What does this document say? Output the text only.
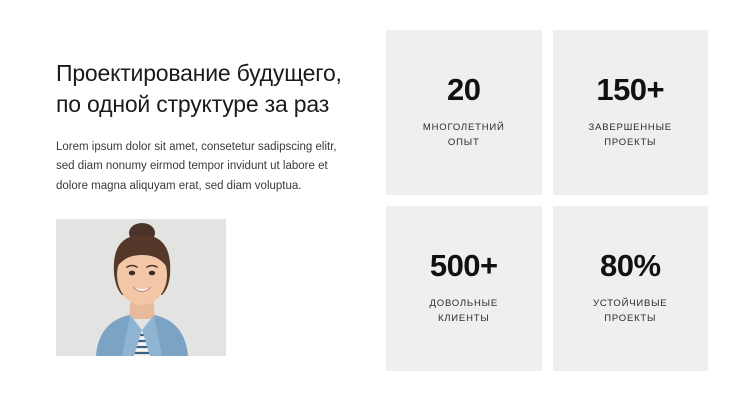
Проектирование будущего, по одной структуре за раз

Lorem ipsum dolor sit amet, consetetur sadipscing elitr, sed diam nonumy eirmod tempor invidunt ut labore et dolore magna aliquyam erat, sed diam voluptua.

20
МНОГОЛЕТНИЙ
ОПЫТ
150+
ЗАВЕРШЕННЫЕ
ПРОЕКТЫ
500+
ДОВОЛЬНЫЕ
КЛИЕНТЫ
80%
УСТОЙЧИВЫЕ
ПРОЕКТЫ
